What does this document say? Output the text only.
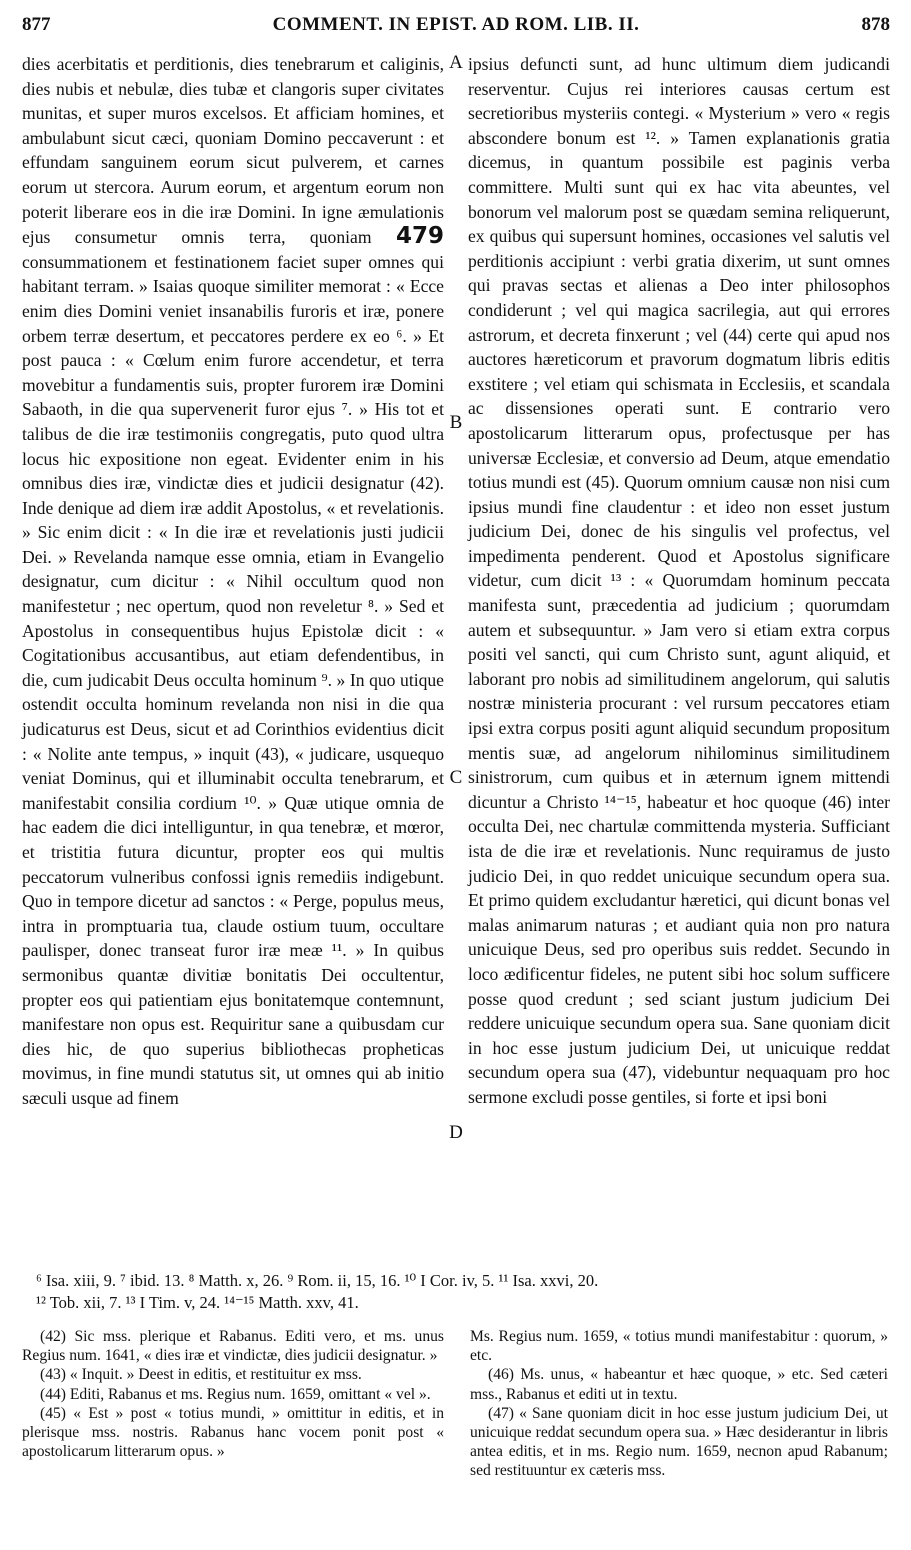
877	COMMENT. IN EPIST. AD ROM. LIB. II.	878

dies acerbitatis et perditionis, dies tenebrarum et caliginis, dies nubis et nebulæ, dies tubæ et clangoris super civitates munitas, et super muros excelsos. Et afficiam homines, et ambulabunt sicut cæci, quoniam Domino peccaverunt : et effundam sanguinem eorum sicut pulverem, et carnes eorum ut stercora. Aurum eorum, et argentum eorum non poterit liberare eos in die iræ Domini. In igne æmulationis ejus consumetur omnis terra, quoniam 479 consummationem et festinationem faciet super omnes qui habitant terram. » Isaias quoque similiter memorat : « Ecce enim dies Domini veniet insanabilis furoris et iræ, ponere orbem terræ desertum, et peccatores perdere ex eo ⁶. » Et post pauca : « Cœlum enim furore accendetur, et terra movebitur a fundamentis suis, propter furorem iræ Domini Sabaoth, in die qua supervenerit furor ejus ⁷. » His tot et talibus de die iræ testimoniis congregatis, puto quod ultra locus hic expositione non egeat. Evidenter enim in his omnibus dies iræ, vindictæ dies et judicii designatur (42). Inde denique ad diem iræ addit Apostolus, « et revelationis. » Sic enim dicit : « In die iræ et revelationis justi judicii Dei. » Revelanda namque esse omnia, etiam in Evangelio designatur, cum dicitur : « Nihil occultum quod non manifestetur ; nec opertum, quod non reveletur ⁸. » Sed et Apostolus in consequentibus hujus Epistolæ dicit : « Cogitationibus accusantibus, aut etiam defendentibus, in die, cum judicabit Deus occulta hominum ⁹. » In quo utique ostendit occulta hominum revelanda non nisi in die qua judicaturus est Deus, sicut et ad Corinthios evidentius dicit : « Nolite ante tempus, » inquit (43), « judicare, usquequo veniat Dominus, qui et illuminabit occulta tenebrarum, et manifestabit consilia cordium ¹⁰. » Quæ utique omnia de hac eadem die dici intelliguntur, in qua tenebræ, et mœror, et tristitia futura dicuntur, propter eos qui multis peccatorum vulneribus confossi ignis remediis indigebunt. Quo in tempore dicetur ad sanctos : « Perge, populus meus, intra in promptuaria tua, claude ostium tuum, occultare paulisper, donec transeat furor iræ meæ ¹¹. » In quibus sermonibus quantæ divitiæ bonitatis Dei occultentur, propter eos qui patientiam ejus bonitatemque contemnunt, manifestare non opus est. Requiritur sane a quibusdam cur dies hic, de quo superius bibliothecas propheticas movimus, in fine mundi statutus sit, ut omnes qui ab initio sæculi usque ad finem

A
B
C
D

ipsius defuncti sunt, ad hunc ultimum diem judicandi reserventur. Cujus rei interiores causas certum est secretioribus mysteriis contegi. « Mysterium » vero « regis abscondere bonum est ¹². » Tamen explanationis gratia dicemus, in quantum possibile est paginis verba committere. Multi sunt qui ex hac vita abeuntes, vel bonorum vel malorum post se quædam semina reliquerunt, ex quibus qui supersunt homines, occasiones vel salutis vel perditionis accipiunt : verbi gratia dixerim, ut sunt omnes qui pravas sectas et alienas a Deo inter philosophos condiderunt ; vel qui magica sacrilegia, aut qui errores astrorum, et decreta finxerunt ; vel (44) certe qui apud nos auctores hæreticorum et pravorum dogmatum libris editis exstitere ; vel etiam qui schismata in Ecclesiis, et scandala ac dissensiones operati sunt. E contrario vero apostolicarum litterarum opus, profectusque per has universæ Ecclesiæ, et conversio ad Deum, atque emendatio totius mundi est (45). Quorum omnium causæ non nisi cum ipsius mundi fine claudentur : et ideo non esset justum judicium Dei, donec de his singulis vel profectus, vel impedimenta penderent. Quod et Apostolus significare videtur, cum dicit ¹³ : « Quorumdam hominum peccata manifesta sunt, præcedentia ad judicium ; quorumdam autem et subsequuntur. » Jam vero si etiam extra corpus positi vel sancti, qui cum Christo sunt, agunt aliquid, et laborant pro nobis ad similitudinem angelorum, qui salutis nostræ ministeria procurant : vel rursum peccatores etiam ipsi extra corpus positi agunt aliquid secundum propositum mentis suæ, ad angelorum nihilominus similitudinem sinistrorum, cum quibus et in æternum ignem mittendi dicuntur a Christo ¹⁴⁻¹⁵, habeatur et hoc quoque (46) inter occulta Dei, nec chartulæ committenda mysteria. Sufficiant ista de die iræ et revelationis. Nunc requiramus de justo judicio Dei, in quo reddet unicuique secundum opera sua. Et primo quidem excludantur hæretici, qui dicunt bonas vel malas animarum naturas ; et audiant quia non pro natura unicuique Deus, sed pro operibus suis reddet. Secundo in loco ædificentur fideles, ne putent sibi hoc solum sufficere posse quod credunt ; sed sciant justum judicium Dei reddere unicuique secundum opera sua. Sane quoniam dicit in hoc esse justum judicium Dei, ut unicuique reddat secundum opera sua (47), videbuntur nequaquam pro hoc sermone excludi posse gentiles, si forte et ipsi boni

⁶ Isa. xiii, 9. ⁷ ibid. 13. ⁸ Matth. x, 26. ⁹ Rom. ii, 15, 16. ¹⁰ I Cor. iv, 5. ¹¹ Isa. xxvi, 20.

¹² Tob. xii, 7. ¹³ I Tim. v, 24. ¹⁴⁻¹⁵ Matth. xxv, 41.

(42) Sic mss. plerique et Rabanus. Editi vero, et ms. unus Regius num. 1641, « dies iræ et vindictæ, dies judicii designatur. »

(43) « Inquit. » Deest in editis, et restituitur ex mss.

(44) Editi, Rabanus et ms. Regius num. 1659, omittant « vel ».

(45) « Est » post « totius mundi, » omittitur in editis, et in plerisque mss. nostris. Rabanus hanc vocem ponit post « apostolicarum litterarum opus. »

Ms. Regius num. 1659, « totius mundi manifestabitur : quorum, » etc.

(46) Ms. unus, « habeantur et hæc quoque, » etc. Sed cæteri mss., Rabanus et editi ut in textu.

(47) « Sane quoniam dicit in hoc esse justum judicium Dei, ut unicuique reddat secundum opera sua. » Hæc desiderantur in libris antea editis, et in ms. Regio num. 1659, necnon apud Rabanum; sed restituuntur ex cæteris mss.
